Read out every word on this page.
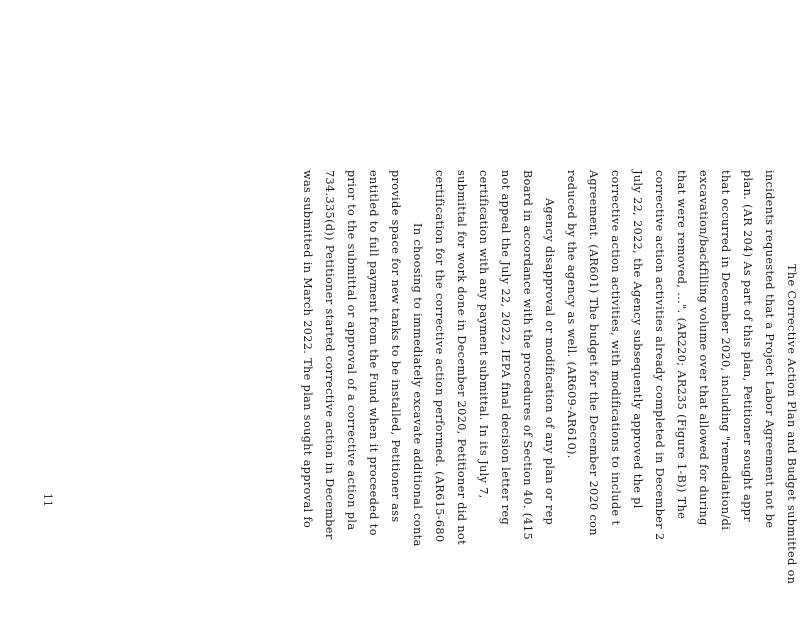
The Corrective Action Plan and Budget submitted on
incidents requested that a Project Labor Agreement not be
plan. (AR 204) As part of this plan, Petitioner sought appr
that occurred in December 2020, including "remediation/di
excavation/backfilling volume over that allowed for during
that were removed, ...". (AR220; AR235 (Figure 1-B)) The
corrective action activities already completed in December 2
July 22, 2022, the Agency subsequently approved the pl
corrective action activities, with modifications to include t
Agreement. (AR601) The budget for the December 2020 con
reduced by the agency as well. (AR609-AR610).
Agency disapproval or modification of any plan or rep
Board in accordance with the procedures of Section 40. (415
not appeal the July 22, 2022, IEPA final decision letter reg
certification with any payment submittal. In its July 7,
submittal for work done in December 2020, Petitioner did not
certification for the corrective action performed. (AR615-680
In choosing to immediately excavate additional conta
provide space for new tanks to be installed, Petitioner ass
entitled to full payment from the Fund when it proceeded to
prior to the submittal or approval of a corrective action pla
734.335(d)) Petitioner started corrective action in December
was submitted in March 2022. The plan sought approval fo
11
